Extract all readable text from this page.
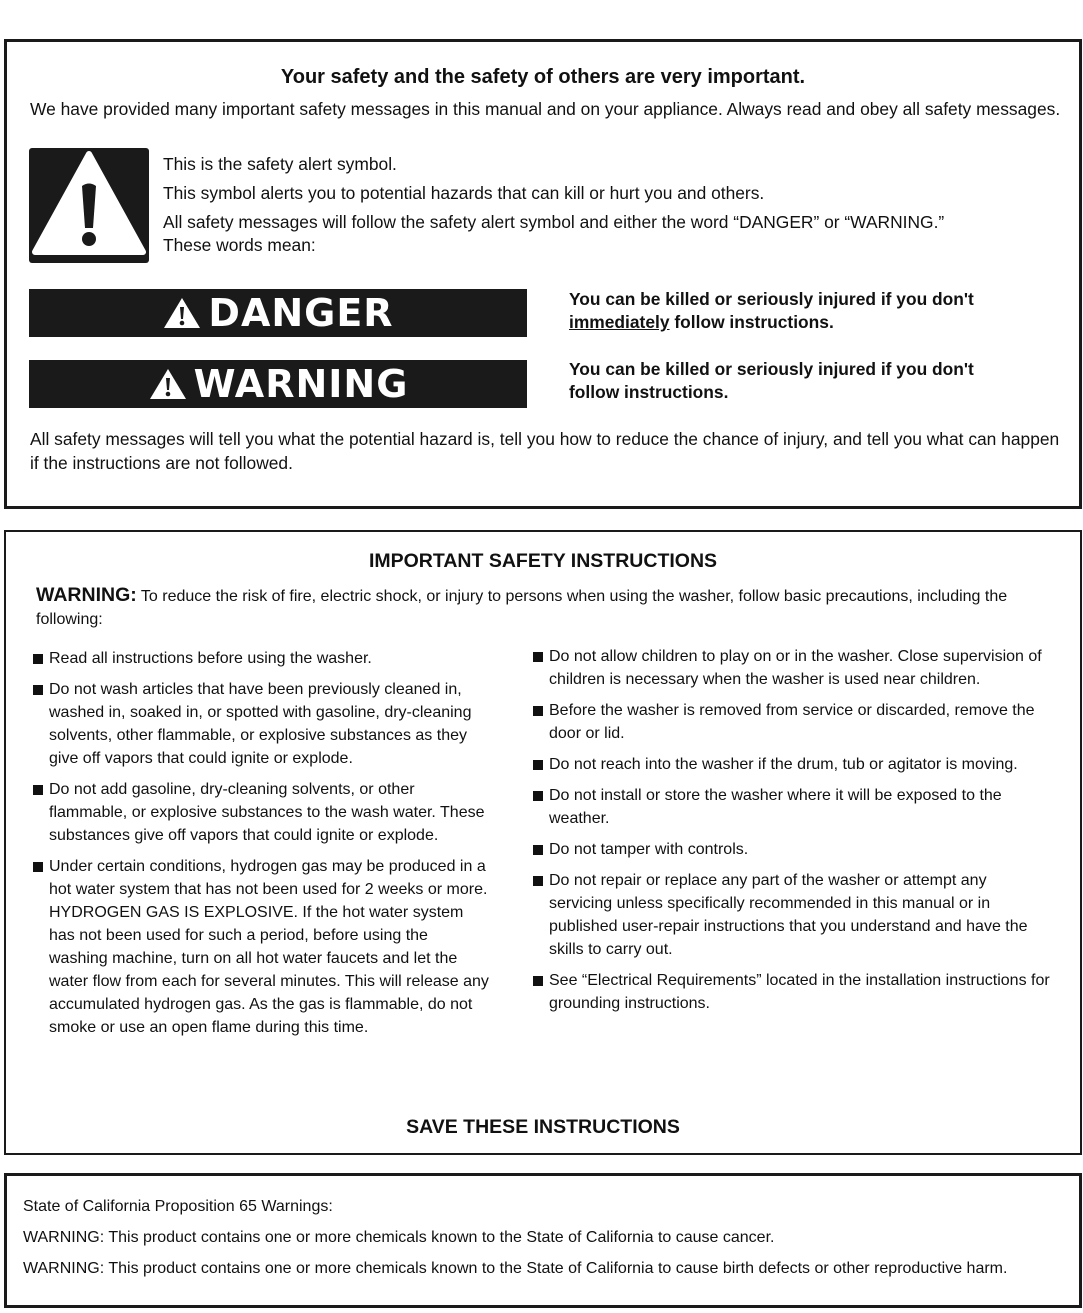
Your safety and the safety of others are very important.
We have provided many important safety messages in this manual and on your appliance. Always read and obey all safety messages.
This is the safety alert symbol.
This symbol alerts you to potential hazards that can kill or hurt you and others.
All safety messages will follow the safety alert symbol and either the word “DANGER” or “WARNING.” These words mean:
DANGER	You can be killed or seriously injured if you don't
immediately follow instructions.
WARNING	You can be killed or seriously injured if you don't
follow instructions.
All safety messages will tell you what the potential hazard is, tell you how to reduce the chance of injury, and tell you what can happen if the instructions are not followed.
IMPORTANT SAFETY INSTRUCTIONS
WARNING: To reduce the risk of fire, electric shock, or injury to persons when using the washer, follow basic precautions, including the following:
Read all instructions before using the washer.
Do not wash articles that have been previously cleaned in, washed in, soaked in, or spotted with gasoline, dry-cleaning solvents, other flammable, or explosive substances as they give off vapors that could ignite or explode.
Do not add gasoline, dry-cleaning solvents, or other flammable, or explosive substances to the wash water. These substances give off vapors that could ignite or explode.
Under certain conditions, hydrogen gas may be produced in a hot water system that has not been used for 2 weeks or more. HYDROGEN GAS IS EXPLOSIVE. If the hot water system has not been used for such a period, before using the washing machine, turn on all hot water faucets and let the water flow from each for several minutes. This will release any accumulated hydrogen gas. As the gas is flammable, do not smoke or use an open flame during this time.
Do not allow children to play on or in the washer. Close supervision of children is necessary when the washer is used near children.
Before the washer is removed from service or discarded, remove the door or lid.
Do not reach into the washer if the drum, tub or agitator is moving.
Do not install or store the washer where it will be exposed to the weather.
Do not tamper with controls.
Do not repair or replace any part of the washer or attempt any servicing unless specifically recommended in this manual or in published user-repair instructions that you understand and have the skills to carry out.
See “Electrical Requirements” located in the installation instructions for grounding instructions.
SAVE THESE INSTRUCTIONS
State of California Proposition 65 Warnings:
WARNING: This product contains one or more chemicals known to the State of California to cause cancer.
WARNING: This product contains one or more chemicals known to the State of California to cause birth defects or other reproductive harm.
